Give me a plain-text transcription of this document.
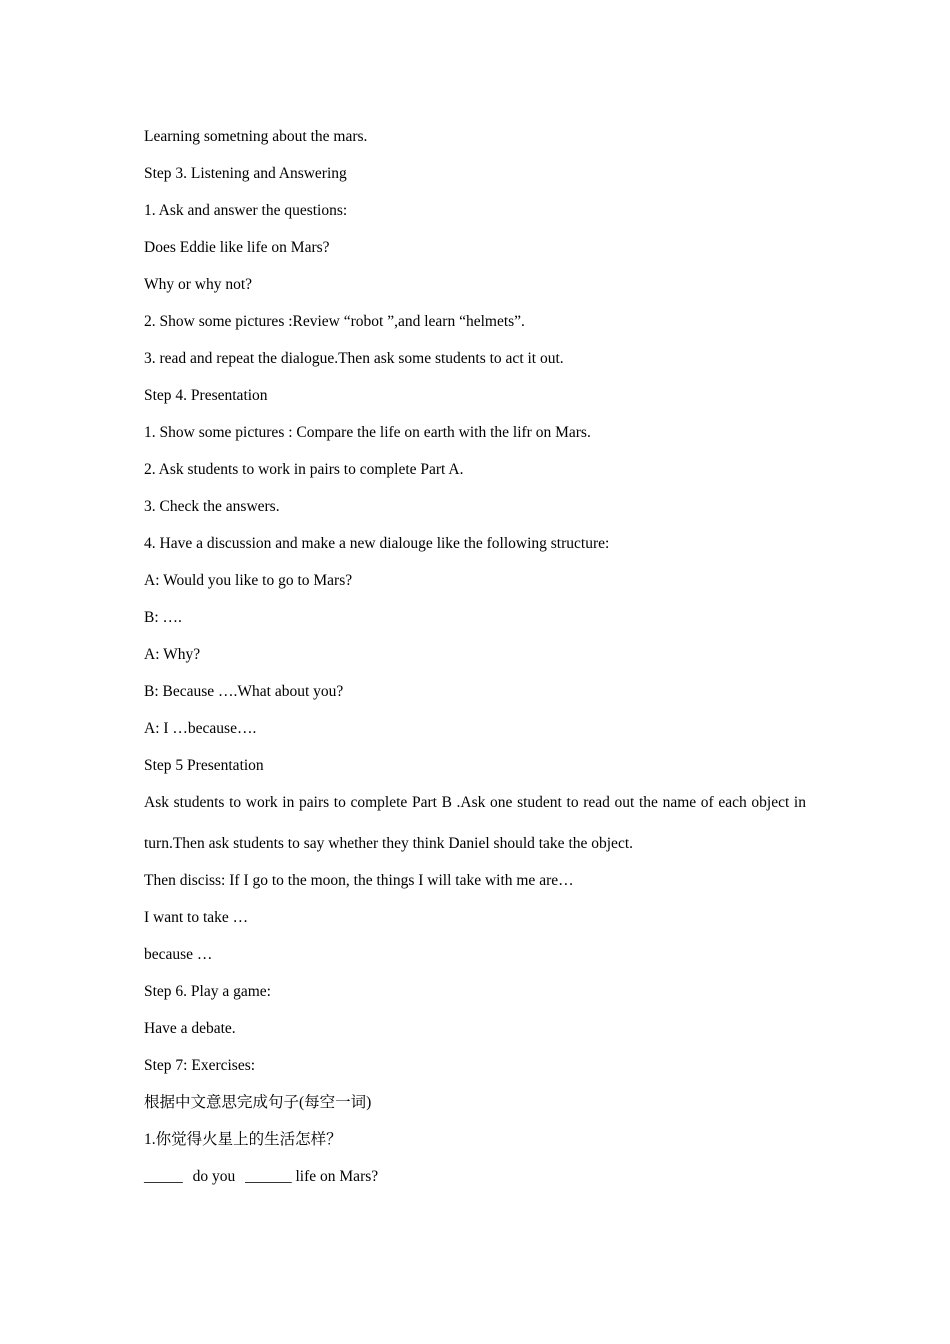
Learning sometning about the mars.
Step 3. Listening and Answering
1. Ask and answer the questions:
Does Eddie like life on Mars?
Why or why not?
2. Show some pictures :Review “robot ”,and learn “helmets”.
3. read and repeat the dialogue.Then ask some students to act it out.
Step 4. Presentation
1. Show some pictures : Compare the life on earth with the lifr on Mars.
2. Ask students to work in pairs to complete Part A.
3. Check the answers.
4. Have a discussion and make a new dialouge like the following structure:
A: Would you like to go to Mars?
B: ….
A: Why?
B: Because ….What about you?
A: I …because….
Step 5 Presentation
Ask students to work in pairs to complete Part B .Ask one student to read out the name of each object in turn.Then ask students to say whether they think Daniel should take the object.
Then disciss: If I go to the moon, the things I will take with me are…
I want to take …
because …
Step 6. Play a game:
Have a debate.
Step 7: Exercises:
根据中文意思完成句子(每空一词)
1.你觉得火星上的生活怎样？
_____ do you ______ life on Mars?
